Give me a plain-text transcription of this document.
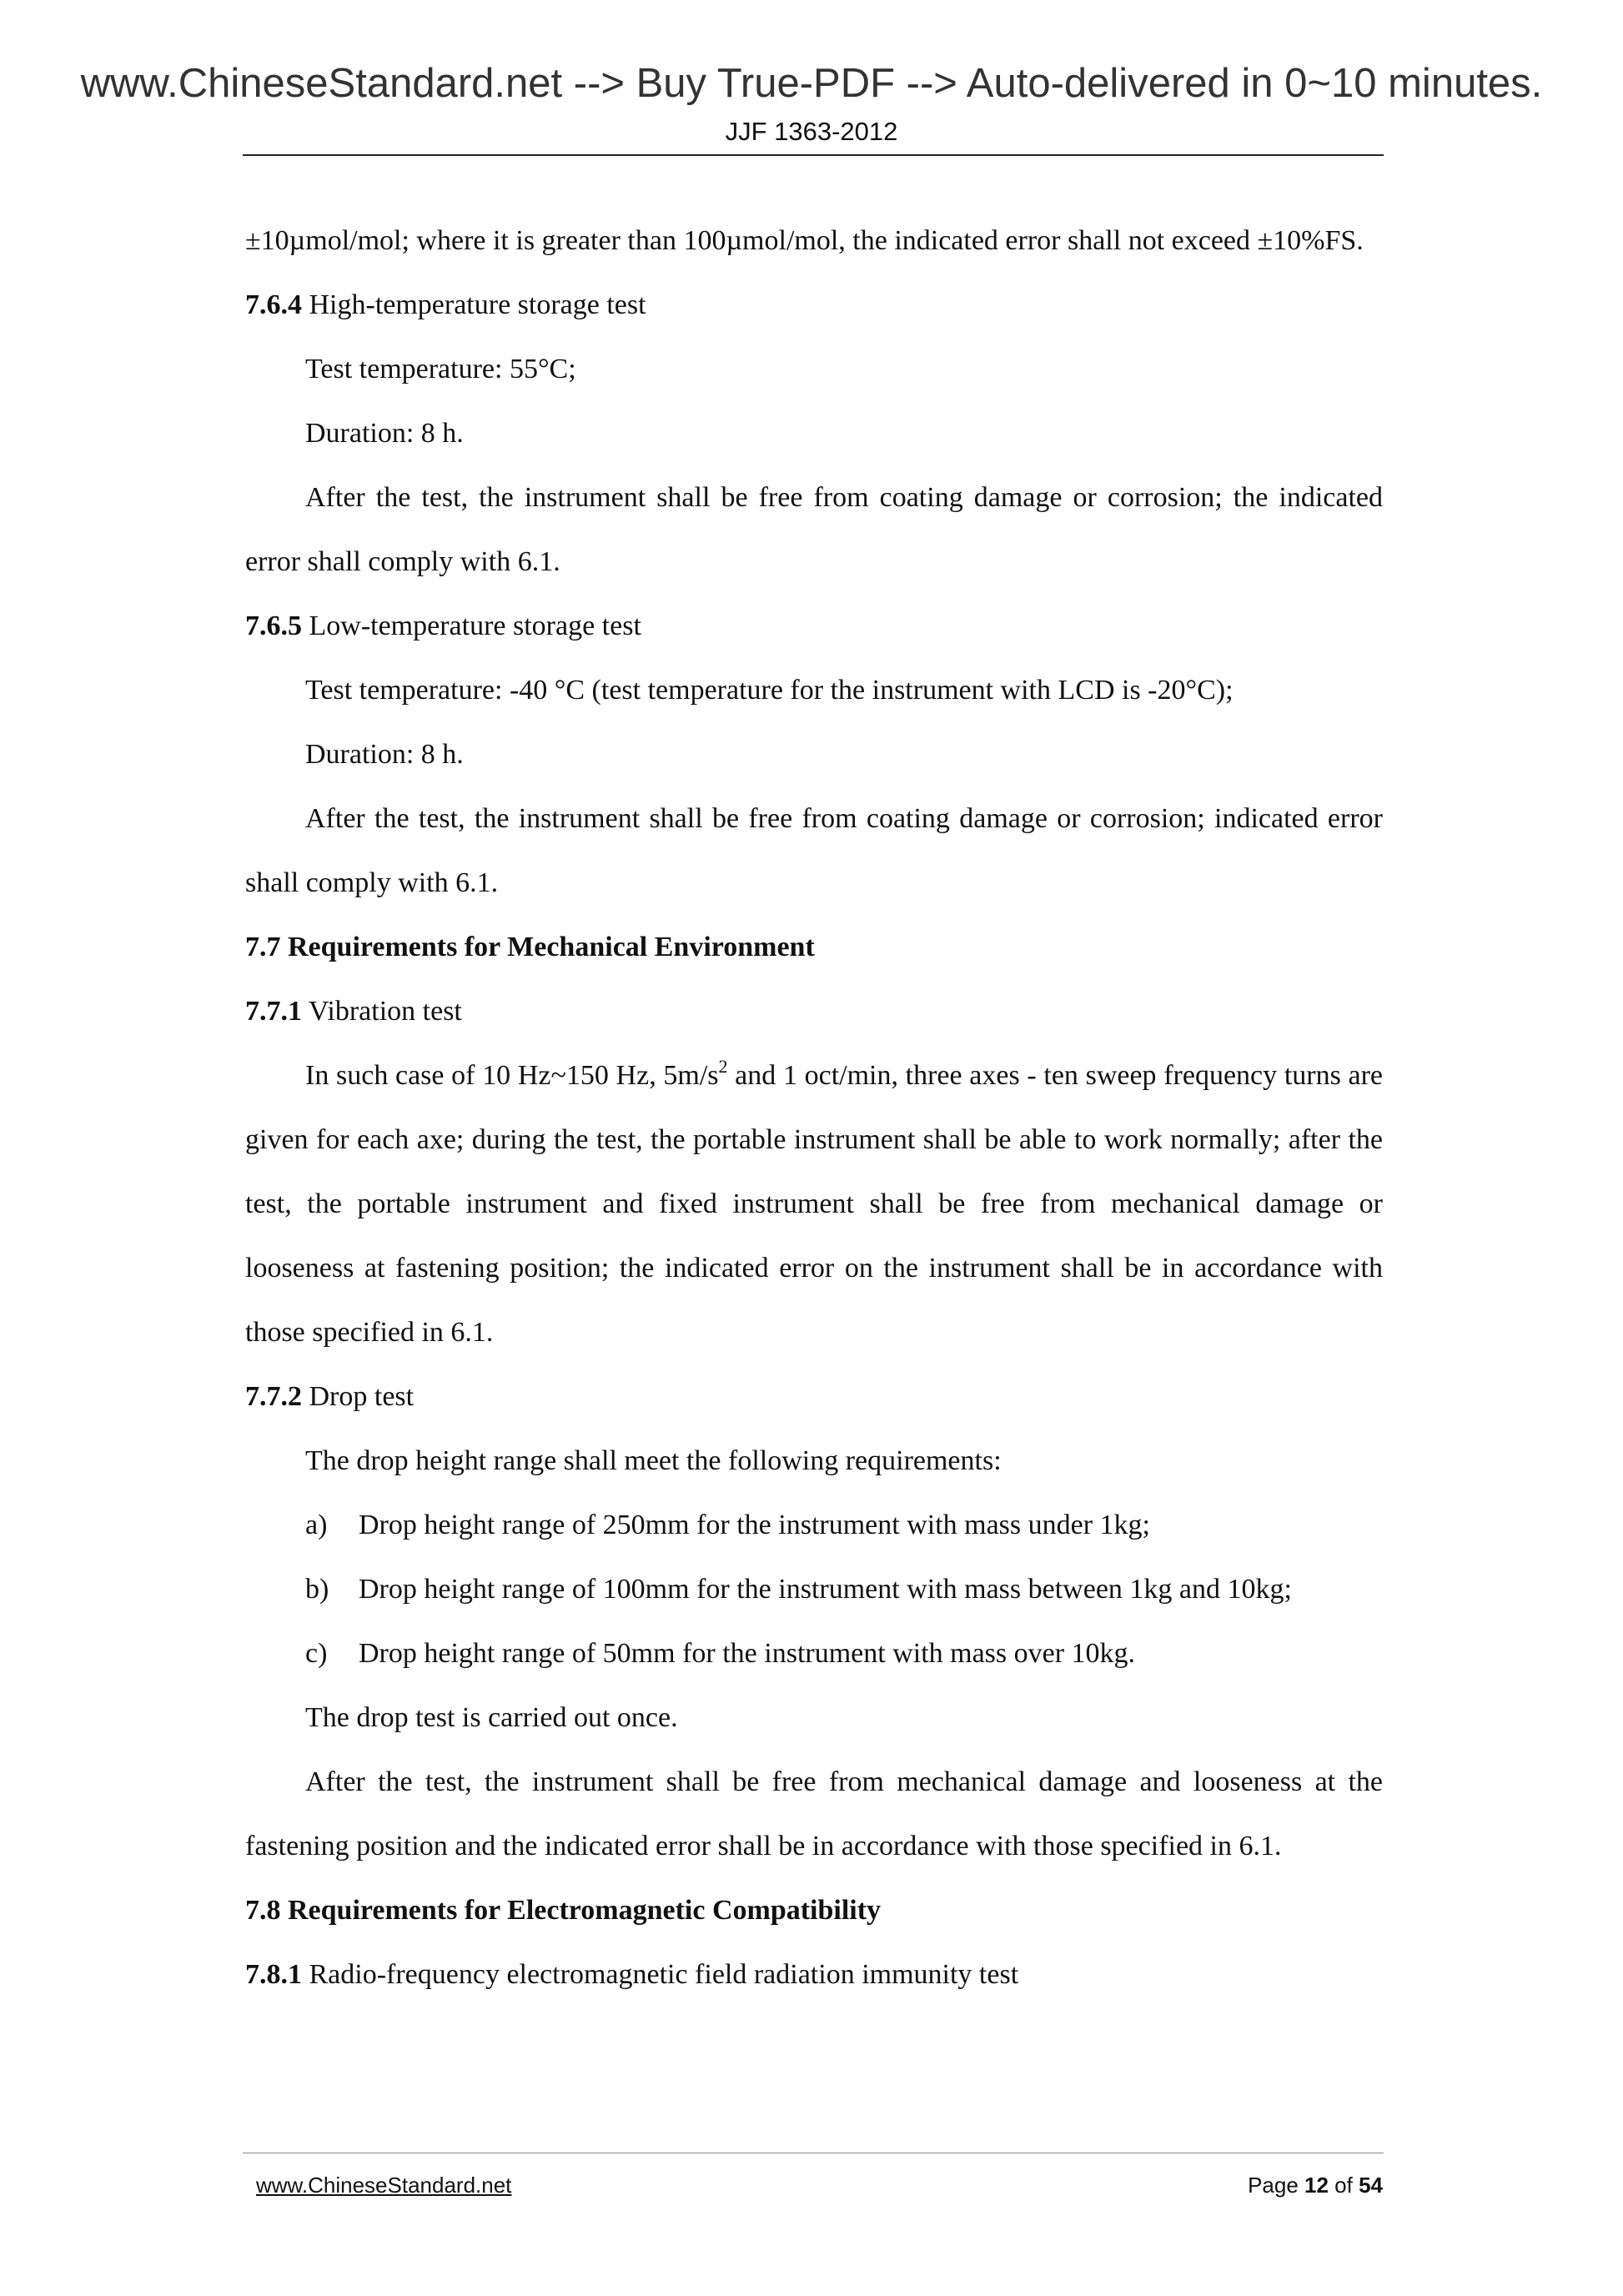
www.ChineseStandard.net --> Buy True-PDF --> Auto-delivered in 0~10 minutes.
JJF 1363-2012

±10µmol/mol; where it is greater than 100µmol/mol, the indicated error shall not exceed ±10%FS.

7.6.4 High-temperature storage test

Test temperature: 55°C;

Duration: 8 h.

After the test, the instrument shall be free from coating damage or corrosion; the indicated error shall comply with 6.1.

7.6.5 Low-temperature storage test

Test temperature: -40 °C (test temperature for the instrument with LCD is -20°C);

Duration: 8 h.

After the test, the instrument shall be free from coating damage or corrosion; indicated error shall comply with 6.1.

7.7 Requirements for Mechanical Environment

7.7.1 Vibration test

In such case of 10 Hz~150 Hz, $5m/s^2$ and 1 oct/min, three axes - ten sweep frequency turns are given for each axe; during the test, the portable instrument shall be able to work normally; after the test, the portable instrument and fixed instrument shall be free from mechanical damage or looseness at fastening position; the indicated error on the instrument shall be in accordance with those specified in 6.1.

7.7.2 Drop test

The drop height range shall meet the following requirements:

a) Drop height range of 250mm for the instrument with mass under 1kg;

b) Drop height range of 100mm for the instrument with mass between 1kg and 10kg;

c) Drop height range of 50mm for the instrument with mass over 10kg.

The drop test is carried out once.

After the test, the instrument shall be free from mechanical damage and looseness at the fastening position and the indicated error shall be in accordance with those specified in 6.1.

7.8 Requirements for Electromagnetic Compatibility

7.8.1 Radio-frequency electromagnetic field radiation immunity test

www.ChineseStandard.net	Page 12 of 54
